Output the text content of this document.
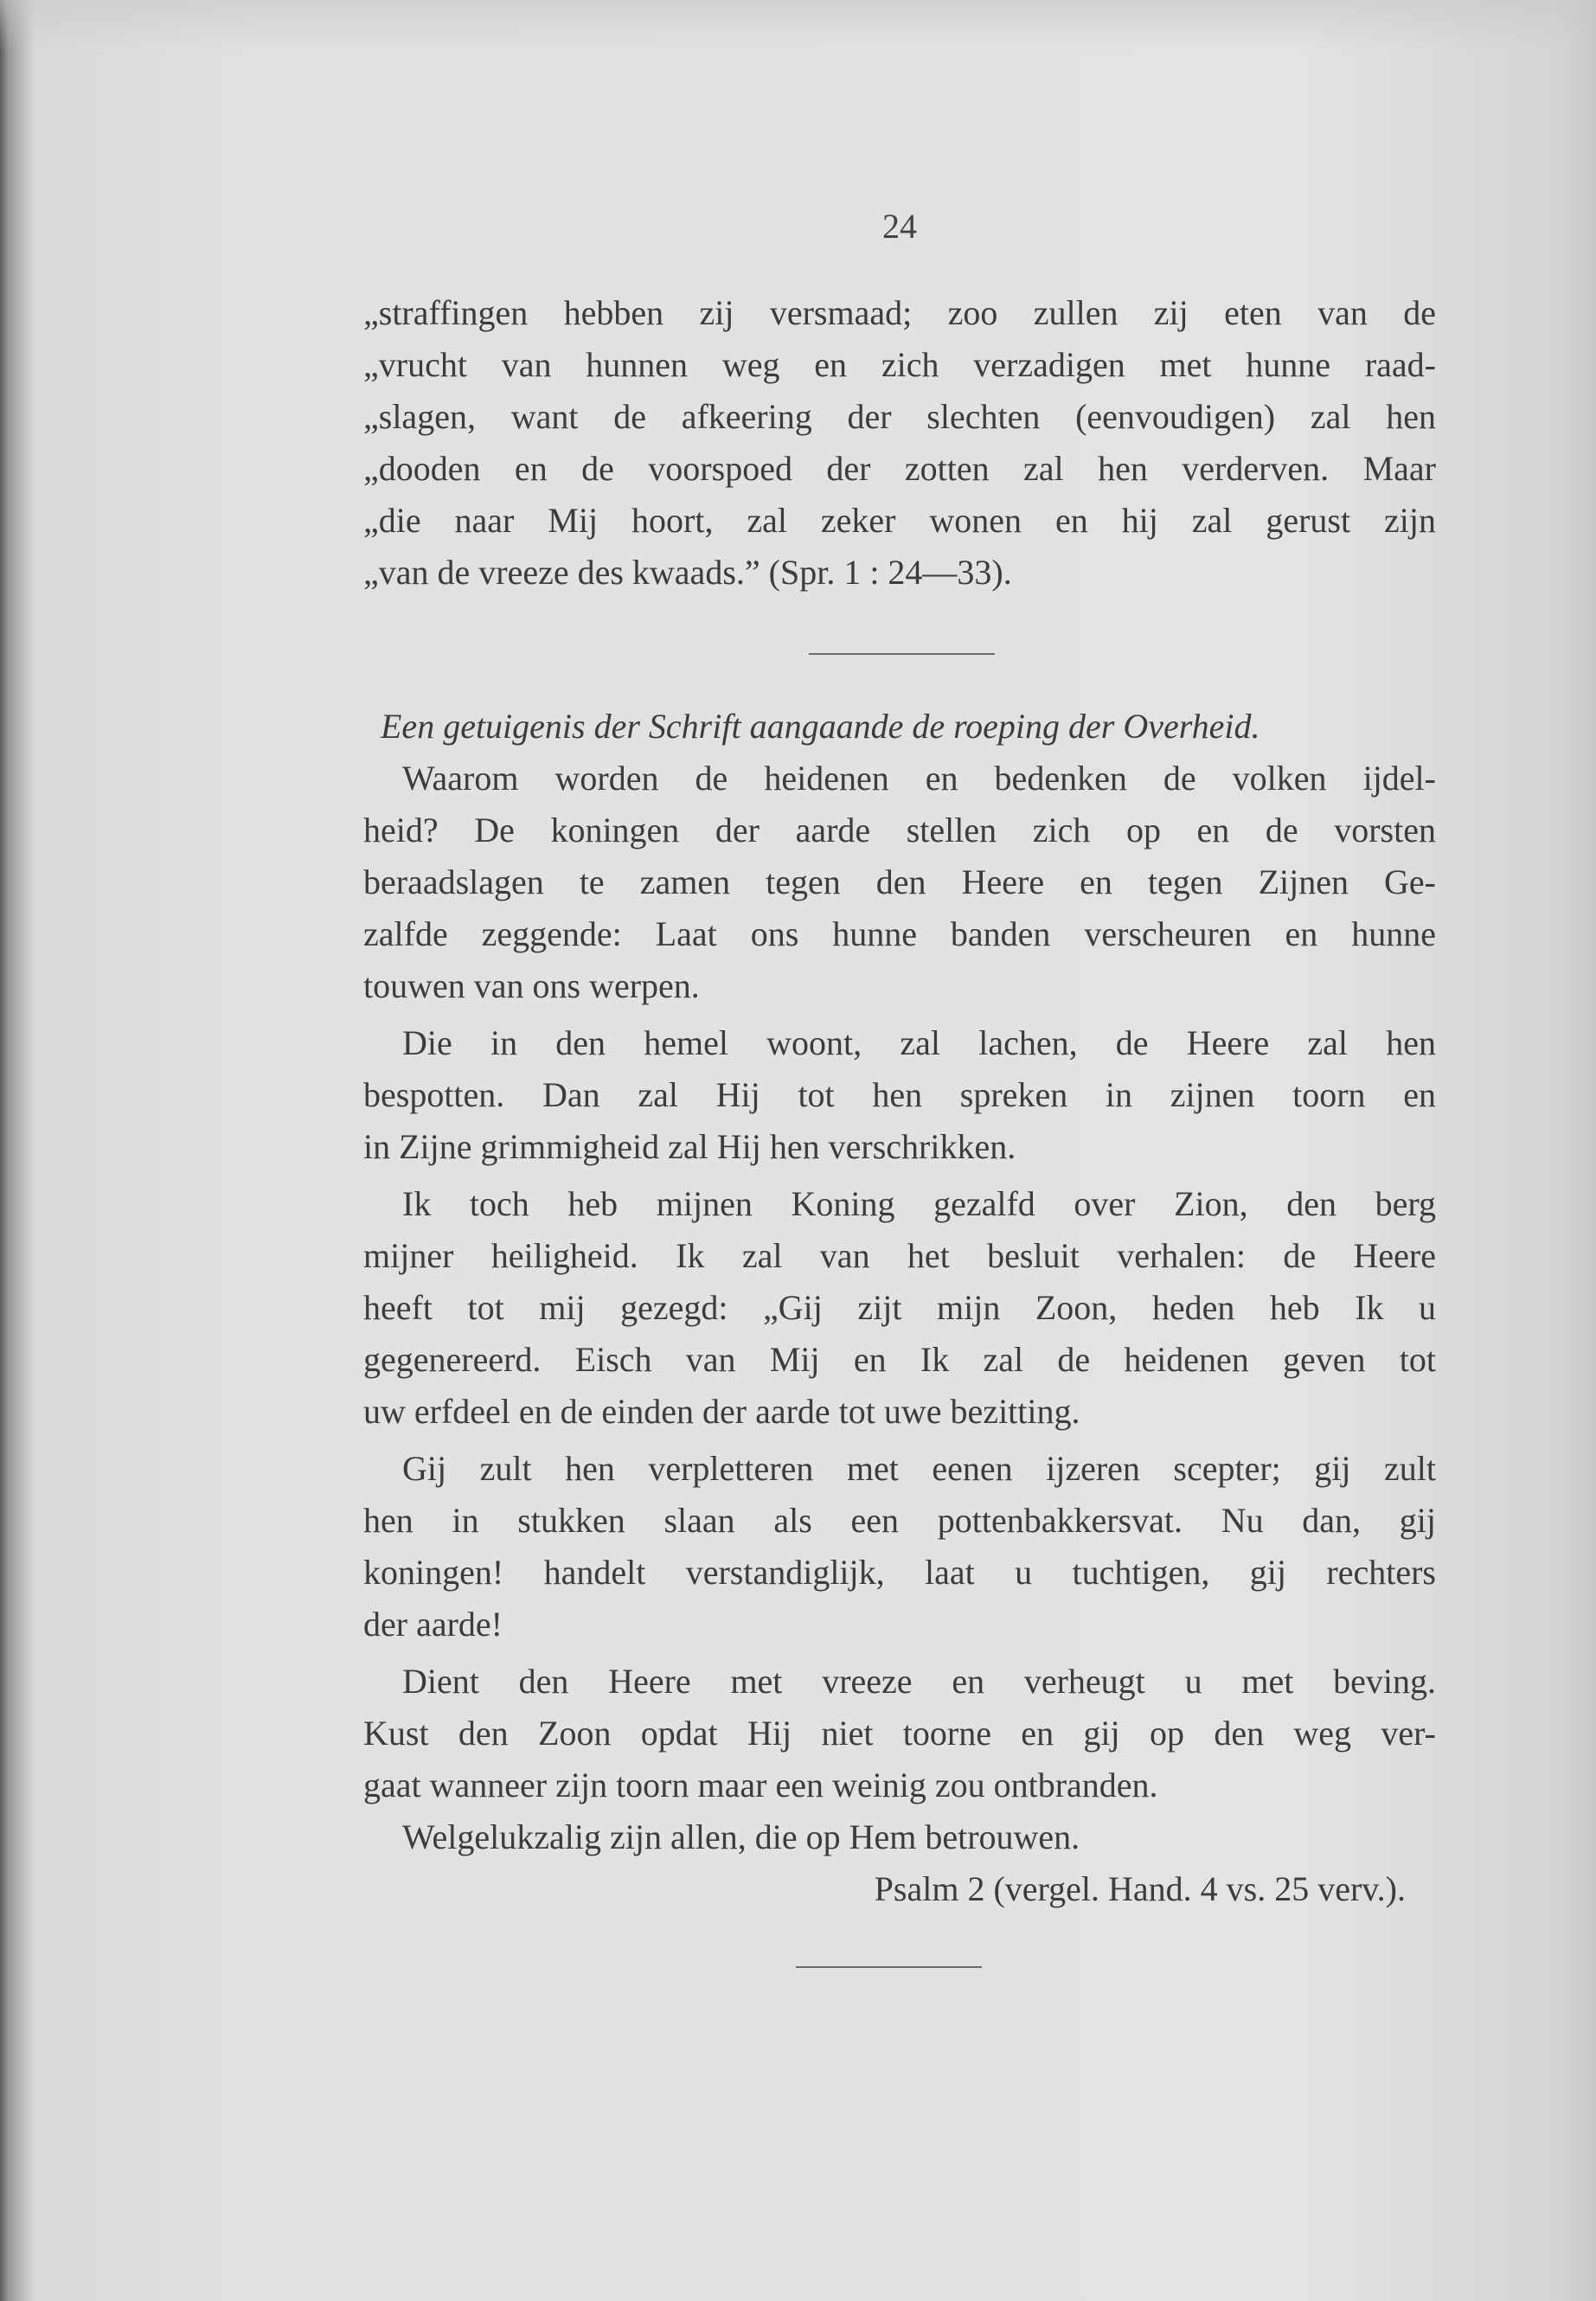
24
„straffingen hebben zij versmaad; zoo zullen zij eten van de
„vrucht van hunnen weg en zich verzadigen met hunne raad-
„slagen, want de afkeering der slechten (eenvoudigen) zal hen
„dooden en de voorspoed der zotten zal hen verderven. Maar
„die naar Mij hoort, zal zeker wonen en hij zal gerust zijn
„van de vreeze des kwaads.” (Spr. 1 : 24—33).
Een getuigenis der Schrift aangaande de roeping der Overheid.
Waarom worden de heidenen en bedenken de volken ijdel-
heid? De koningen der aarde stellen zich op en de vorsten
beraadslagen te zamen tegen den Heere en tegen Zijnen Ge-
zalfde zeggende: Laat ons hunne banden verscheuren en hunne
touwen van ons werpen.
Die in den hemel woont, zal lachen, de Heere zal hen
bespotten. Dan zal Hij tot hen spreken in zijnen toorn en
in Zijne grimmigheid zal Hij hen verschrikken.
Ik toch heb mijnen Koning gezalfd over Zion, den berg
mijner heiligheid. Ik zal van het besluit verhalen: de Heere
heeft tot mij gezegd: „Gij zijt mijn Zoon, heden heb Ik u
gegenereerd. Eisch van Mij en Ik zal de heidenen geven tot
uw erfdeel en de einden der aarde tot uwe bezitting.
Gij zult hen verpletteren met eenen ijzeren scepter; gij zult
hen in stukken slaan als een pottenbakkersvat. Nu dan, gij
koningen! handelt verstandiglijk, laat u tuchtigen, gij rechters
der aarde!
Dient den Heere met vreeze en verheugt u met beving.
Kust den Zoon opdat Hij niet toorne en gij op den weg ver-
gaat wanneer zijn toorn maar een weinig zou ontbranden.
Welgelukzalig zijn allen, die op Hem betrouwen.
Psalm 2 (vergel. Hand. 4 vs. 25 verv.).
